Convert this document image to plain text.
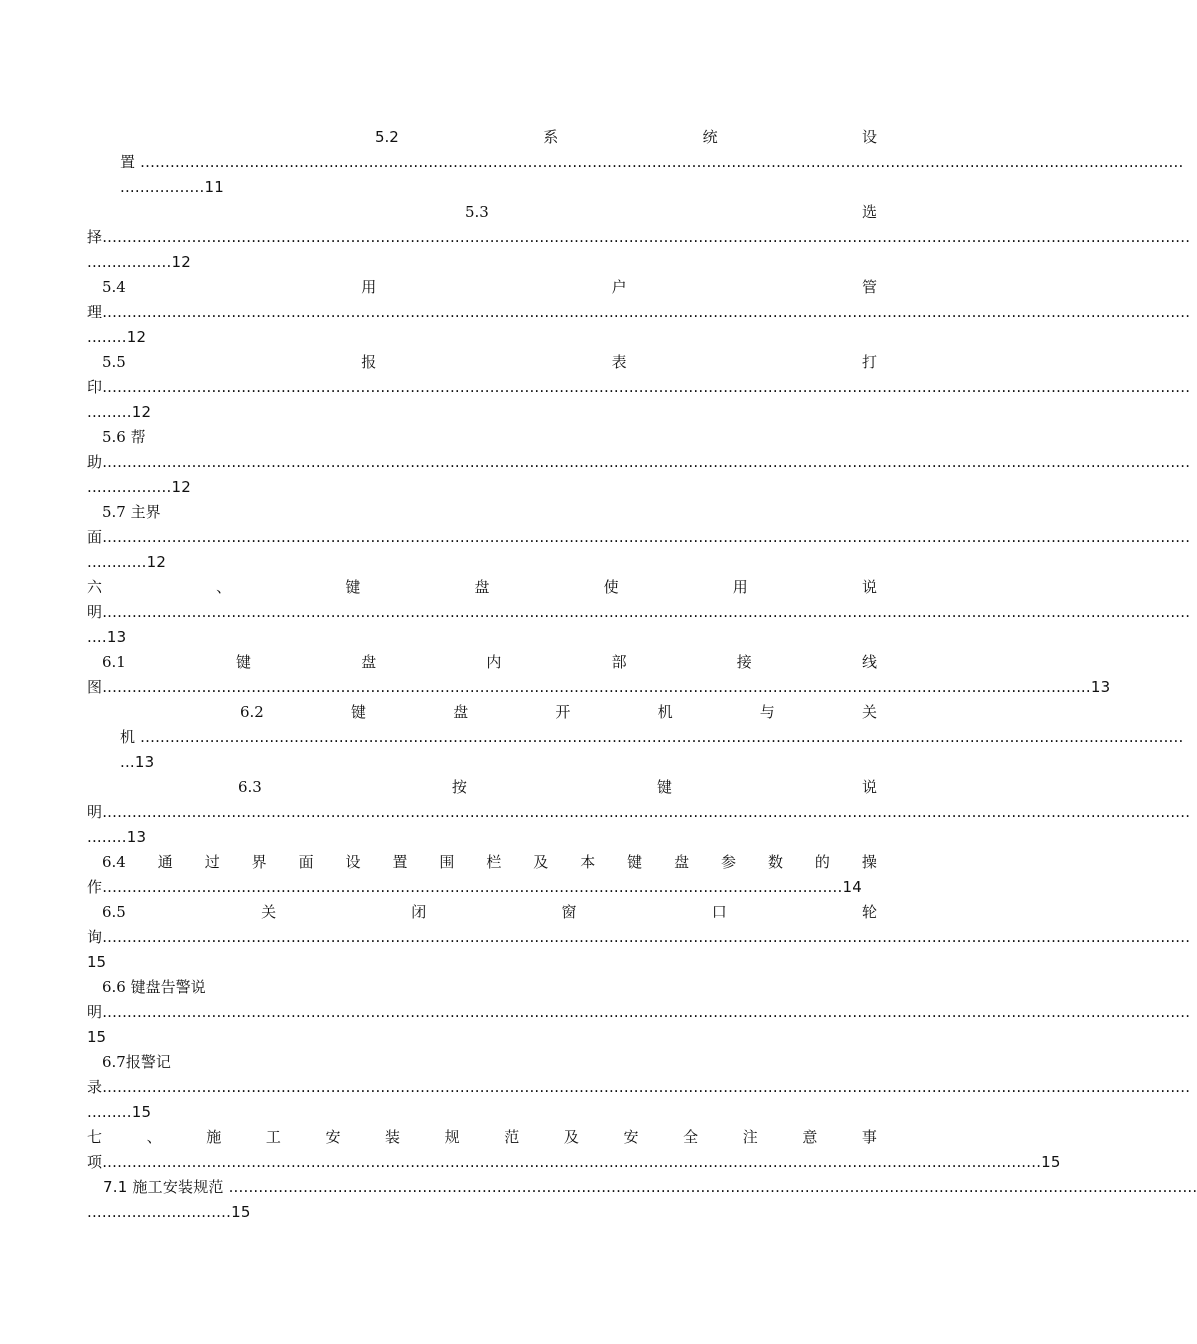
5.2	系	统	设
置 ..................................................................................................................................................................................................................
.................11
5.3	选
择...........................................................................................................................................................................................................................
.................12
5.4	用	户	管
理...........................................................................................................................................................................................................................
........12
5.5	报	表	打
印...........................................................................................................................................................................................................................
.........12
5.6 帮
助...........................................................................................................................................................................................................................
.................12
5.7 主界
面...........................................................................................................................................................................................................................
............12
六	、	键	盘	使	用	说
明...........................................................................................................................................................................................................................
....13
6.1	键	盘	内	部	接	线
图.......................................................................................................................................................................................................13
6.2	键	盘	开	机	与	关
机 ..................................................................................................................................................................................................................
...13
6.3	按	键	说
明...........................................................................................................................................................................................................................
........13
6.4 通 过 界 面 设 置 围 栏 及 本 键 盘 参 数 的 操
作.....................................................................................................................................................14
6.5	关	闭	窗	口	轮
询...........................................................................................................................................................................................................................
15
6.6 键盘告警说
明...........................................................................................................................................................................................................................
15
6.7报警记
录...........................................................................................................................................................................................................................
.........15
七	、	施	工	安	装	规	范	及	安	全	注	意	事
项.............................................................................................................................................................................................15
7.1 施工安装规范 ...................................................................................................................................................................................................
.............................15
